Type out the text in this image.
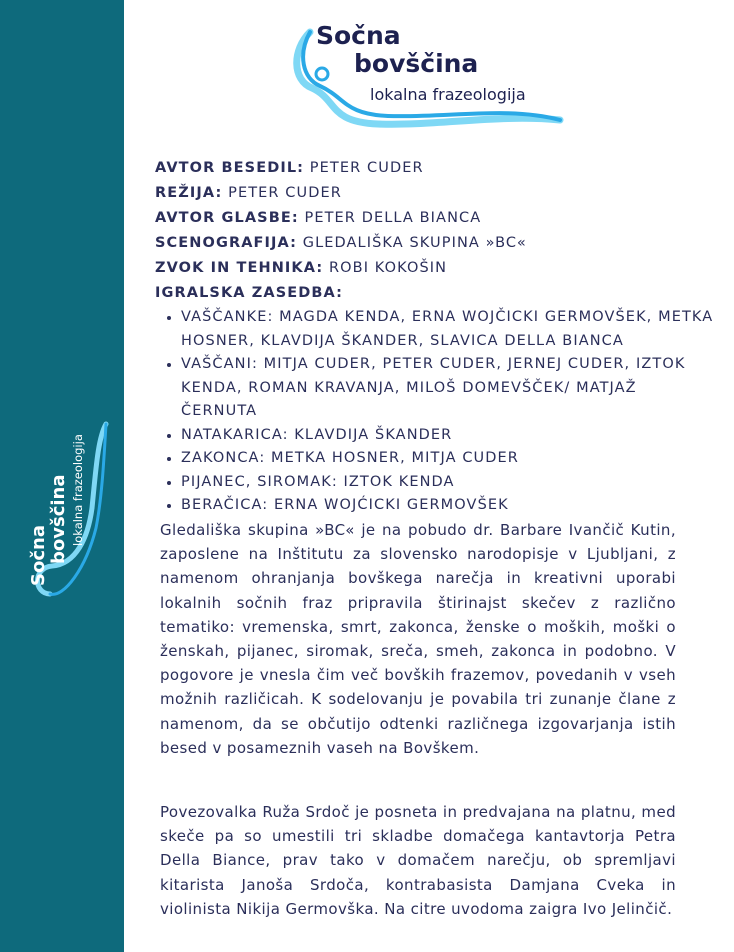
Sočna bovščina lokalna frazeologija
Sočna
bovščina
lokalna frazeologija
AVTOR BESEDIL: PETER CUDER
REŽIJA: PETER CUDER
AVTOR GLASBE: PETER DELLA BIANCA
SCENOGRAFIJA: GLEDALIŠKA SKUPINA »BC«
ZVOK IN TEHNIKA: ROBI KOKOŠIN
IGRALSKA ZASEDBA:
• VAŠČANKE: MAGDA KENDA, ERNA WOJČICKI GERMOVŠEK, METKA HOSNER, KLAVDIJA ŠKANDER, SLAVICA DELLA BIANCA
• VAŠČANI: MITJA CUDER, PETER CUDER, JERNEJ CUDER, IZTOK KENDA, ROMAN KRAVANJA, MILOŠ DOMEVŠČEK/ MATJAŽ ČERNUTA
• NATAKARICA: KLAVDIJA ŠKANDER
• ZAKONCA: METKA HOSNER, MITJA CUDER
• PIJANEC, SIROMAK: IZTOK KENDA
• BERAČICA: ERNA WOJĆICKI GERMOVŠEK

Gledališka skupina »BC« je na pobudo dr. Barbare Ivančič Kutin, zaposlene na Inštitutu za slovensko narodopisje v Ljubljani, z namenom ohranjanja bovškega narečja in kreativni uporabi lokalnih sočnih fraz pripravila štirinajst skečev z različno tematiko: vremenska, smrt, zakonca, ženske o moških, moški o ženskah, pijanec, siromak, sreča, smeh, zakonca in podobno. V pogovore je vnesla čim več bovških frazemov, povedanih v vseh možnih različicah. K sodelovanju je povabila tri zunanje člane z namenom, da se občutijo odtenki različnega izgovarjanja istih besed v posameznih vaseh na Bovškem.

Povezovalka Ruža Srdoč je posneta in predvajana na platnu, med skeče pa so umestili tri skladbe domačega kantavtorja Petra Della Biance, prav tako v domačem narečju, ob spremljavi kitarista Janoša Srdoča, kontrabasista Damjana Cveka in violinista Nikija Germovška. Na citre uvodoma zaigra Ivo Jelinčič.
